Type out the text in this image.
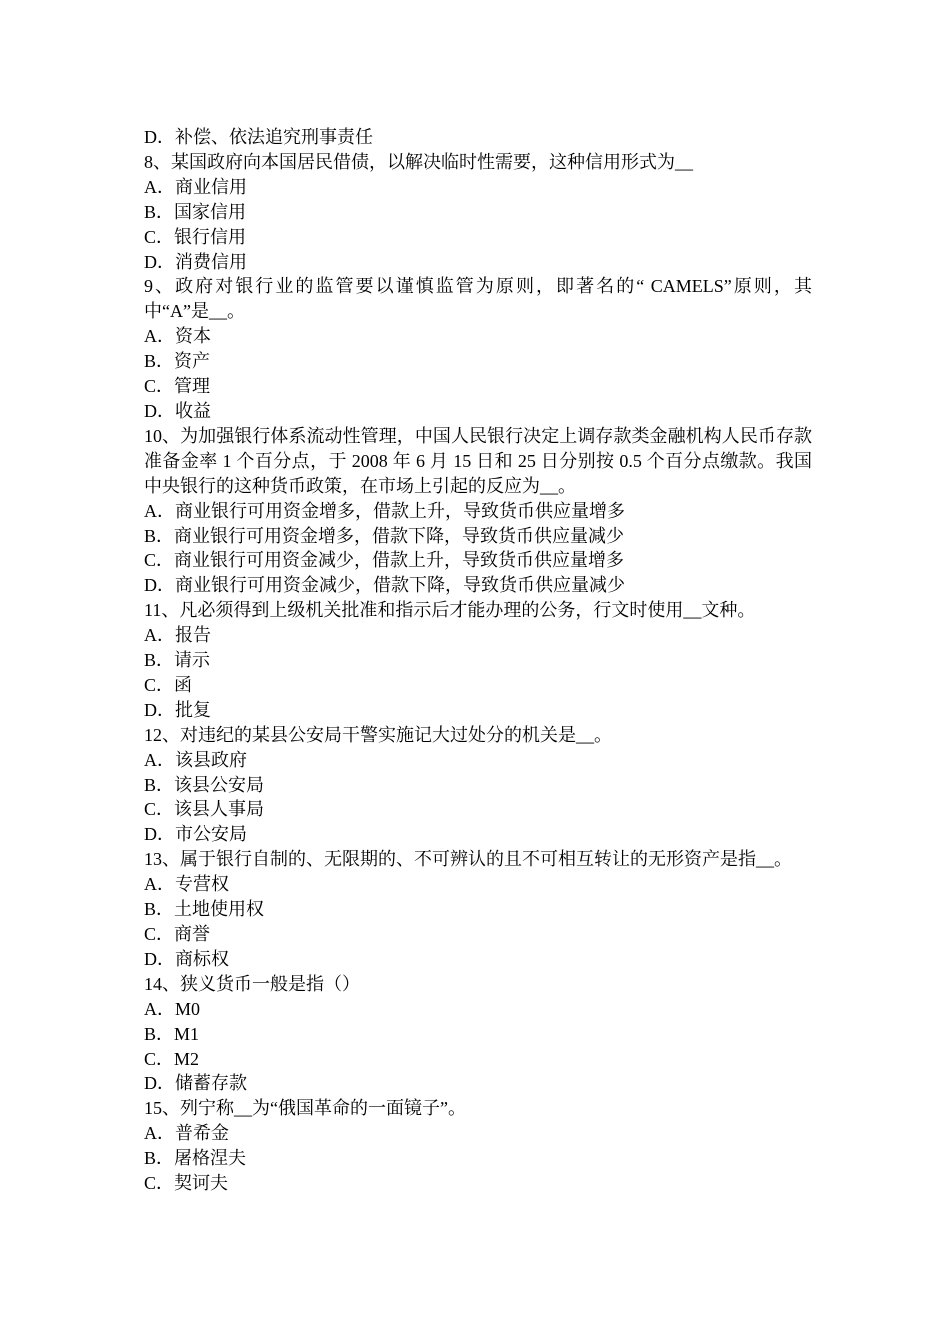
D．补偿、依法追究刑事责任

8、某国政府向本国居民借债，以解决临时性需要，这种信用形式为__

A．商业信用

B．国家信用

C．银行信用

D．消费信用

9、政府对银行业的监管要以谨慎监管为原则，即著名的“ CAMELS”原则，其中“A”是__。

A．资本

B．资产

C．管理

D．收益

10、为加强银行体系流动性管理，中国人民银行决定上调存款类金融机构人民币存款准备金率 1 个百分点，于 2008 年 6 月 15 日和 25 日分别按 0.5 个百分点缴款。我国中央银行的这种货币政策，在市场上引起的反应为__。

A．商业银行可用资金增多，借款上升，导致货币供应量增多

B．商业银行可用资金增多，借款下降，导致货币供应量减少

C．商业银行可用资金减少，借款上升，导致货币供应量增多

D．商业银行可用资金减少，借款下降，导致货币供应量减少

11、凡必须得到上级机关批准和指示后才能办理的公务，行文时使用__文种。

A．报告

B．请示

C．函

D．批复

12、对违纪的某县公安局干警实施记大过处分的机关是__。

A．该县政府

B．该县公安局

C．该县人事局

D．市公安局

13、属于银行自制的、无限期的、不可辨认的且不可相互转让的无形资产是指__。

A．专营权

B．土地使用权

C．商誉

D．商标权

14、狭义货币一般是指（）

A．M0

B．M1

C．M2

D．储蓄存款

15、列宁称__为“俄国革命的一面镜子”。

A．普希金

B．屠格涅夫

C．契诃夫
